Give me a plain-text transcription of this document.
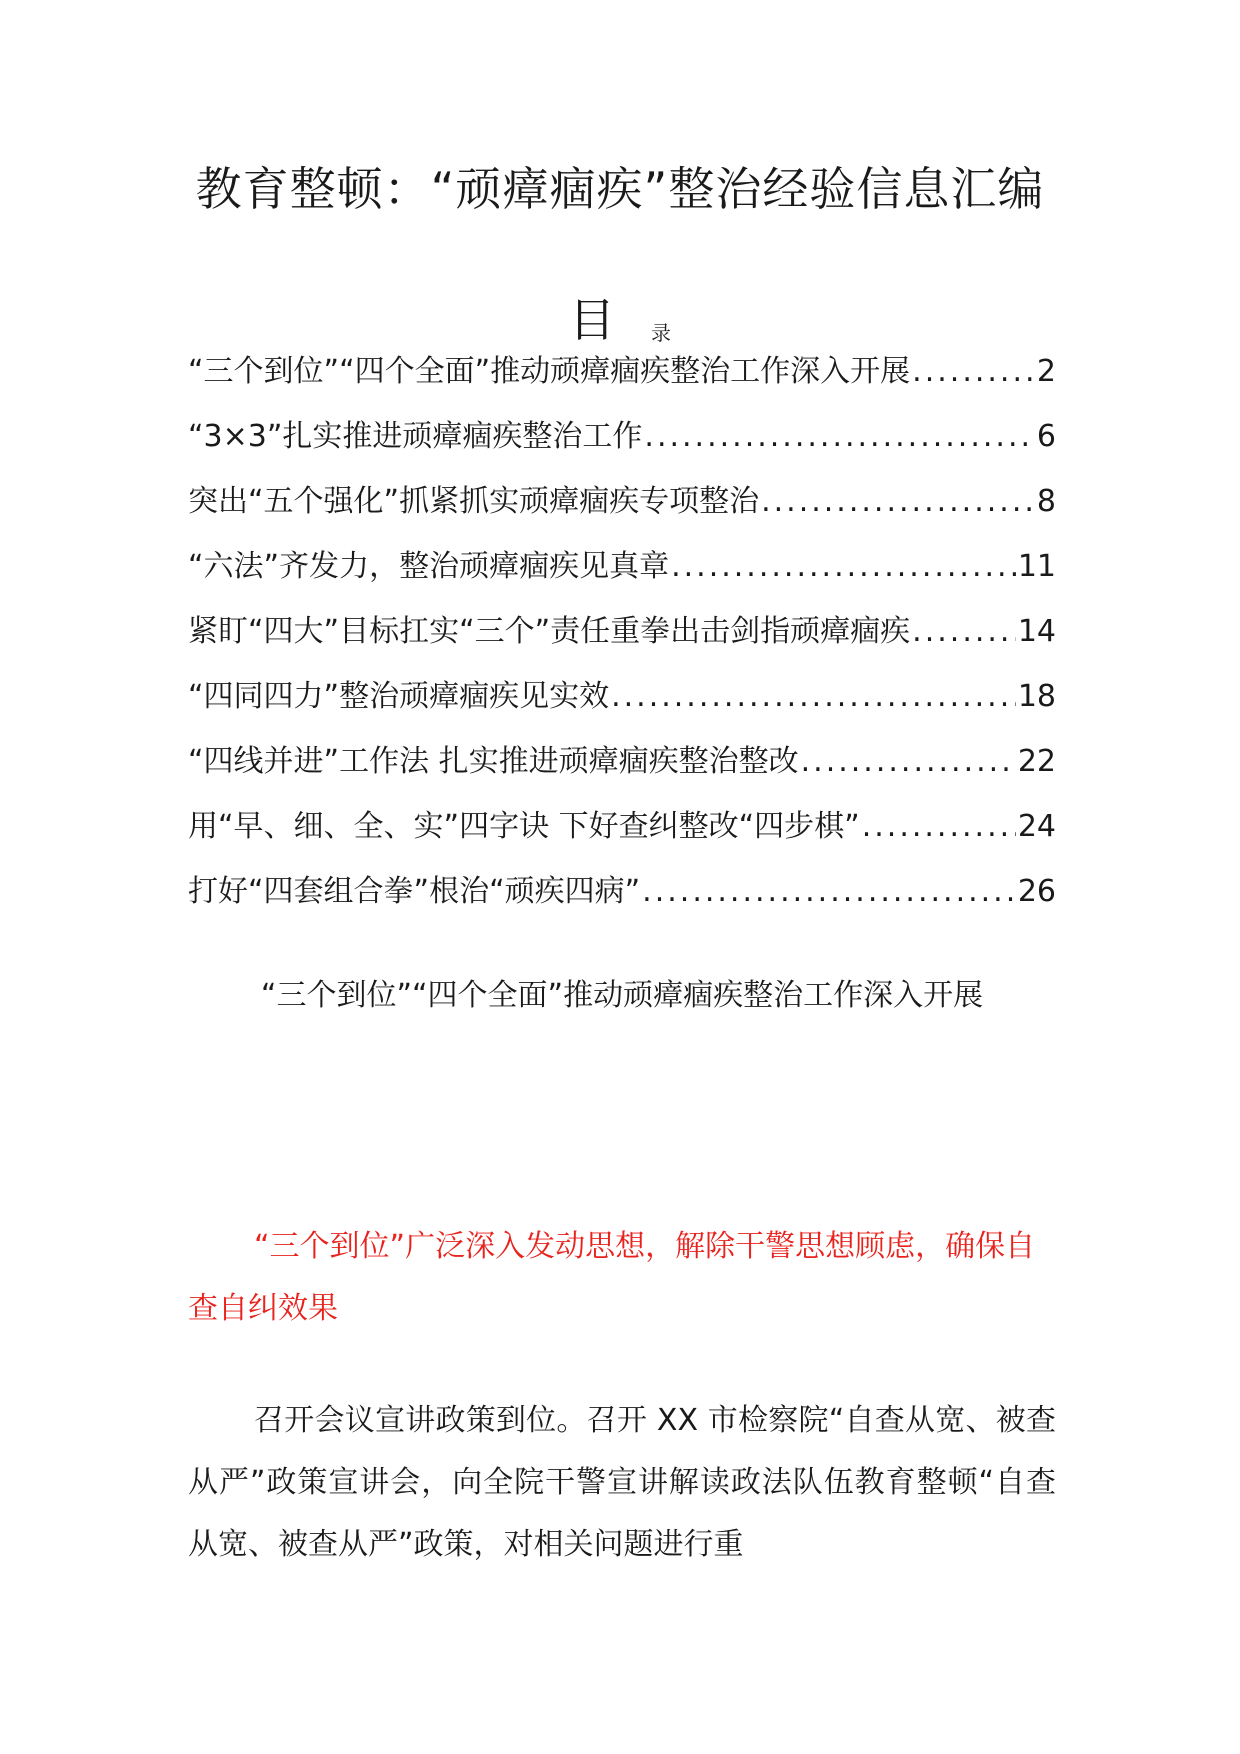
教育整顿：“顽瘴痼疾”整治经验信息汇编
目 录
“三个到位”“四个全面”推动顽瘴痼疾整治工作深入开展 .....	2
“3×3”扎实推进顽瘴痼疾整治工作 .....	6
突出“五个强化”抓紧抓实顽瘴痼疾专项整治 .....	8
“六法”齐发力，整治顽瘴痼疾见真章 .....	11
紧盯“四大”目标扛实“三个”责任重拳出击剑指顽瘴痼疾 .....	14
“四同四力”整治顽瘴痼疾见实效 .....	18
“四线并进”工作法 扎实推进顽瘴痼疾整治整改 .....	22
用“早、细、全、实”四字诀 下好查纠整改“四步棋” .....	24
打好“四套组合拳”根治“顽疾四病” .....	26
“三个到位”“四个全面”推动顽瘴痼疾整治工作深入开展
“三个到位”广泛深入发动思想，解除干警思想顾虑，确保自查自纠效果
召开会议宣讲政策到位。召开 XX 市检察院“自查从宽、被查从严”政策宣讲会，向全院干警宣讲解读政法队伍教育整顿“自查从宽、被查从严”政策，对相关问题进行重
